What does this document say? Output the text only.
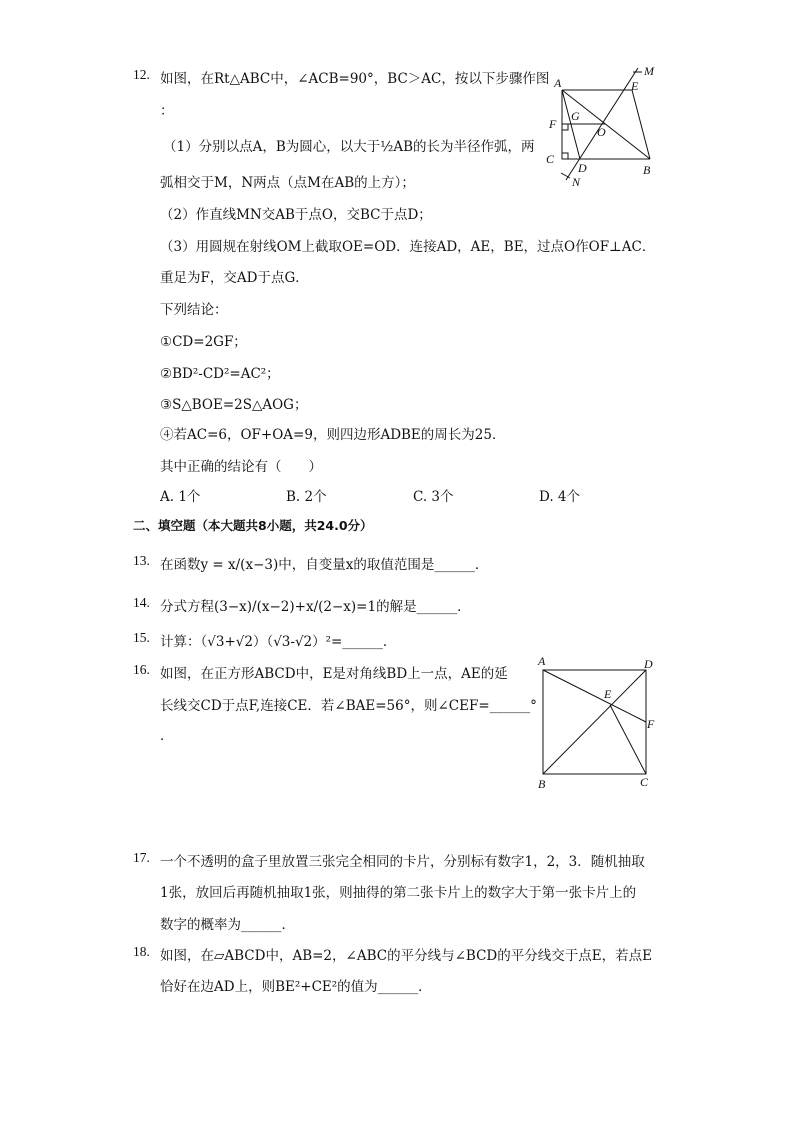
12. 如图，在Rt△ABC中，∠ACB=90°，BC＞AC，按以下步骤作图
：
（1）分别以点A，B为圆心，以大于½AB的长为半径作弧，两
弧相交于M，N两点（点M在AB的上方）；
（2）作直线MN交AB于点O，交BC于点D；
（3）用圆规在射线OM上截取OE=OD．连接AD，AE，BE，过点O作OF⊥AC．
重足为F，交AD于点G．
下列结论：
①CD=2GF；
②BD²-CD²=AC²；
③S△BOE=2S△AOG；
④若AC=6，OF+OA=9，则四边形ADBE的周长为25．
其中正确的结论有（　　）
A. 1个	B. 2个	C. 3个	D. 4个
A	E
M
F
G
O
C
D	B
N
二、填空题（本大题共8小题，共24.0分）
13. 在函数y = x/(x−3)中，自变量x的取值范围是______．
14. 分式方程(3−x)/(x−2)+x/(2−x)=1的解是______．
15. 计算：（√3+√2）（√3-√2）²=______．
16. 如图，在正方形ABCD中，E是对角线BD上一点，AE的延
长线交CD于点F,连接CE．若∠BAE=56°，则∠CEF=______°
．
A	D
E
F
B	C
17. 一个不透明的盒子里放置三张完全相同的卡片，分别标有数字1，2，3．随机抽取
1张，放回后再随机抽取1张，则抽得的第二张卡片上的数字大于第一张卡片上的
数字的概率为______．
18. 如图，在▱ABCD中，AB=2，∠ABC的平分线与∠BCD的平分线交于点E，若点E
恰好在边AD上，则BE²+CE²的值为______．
